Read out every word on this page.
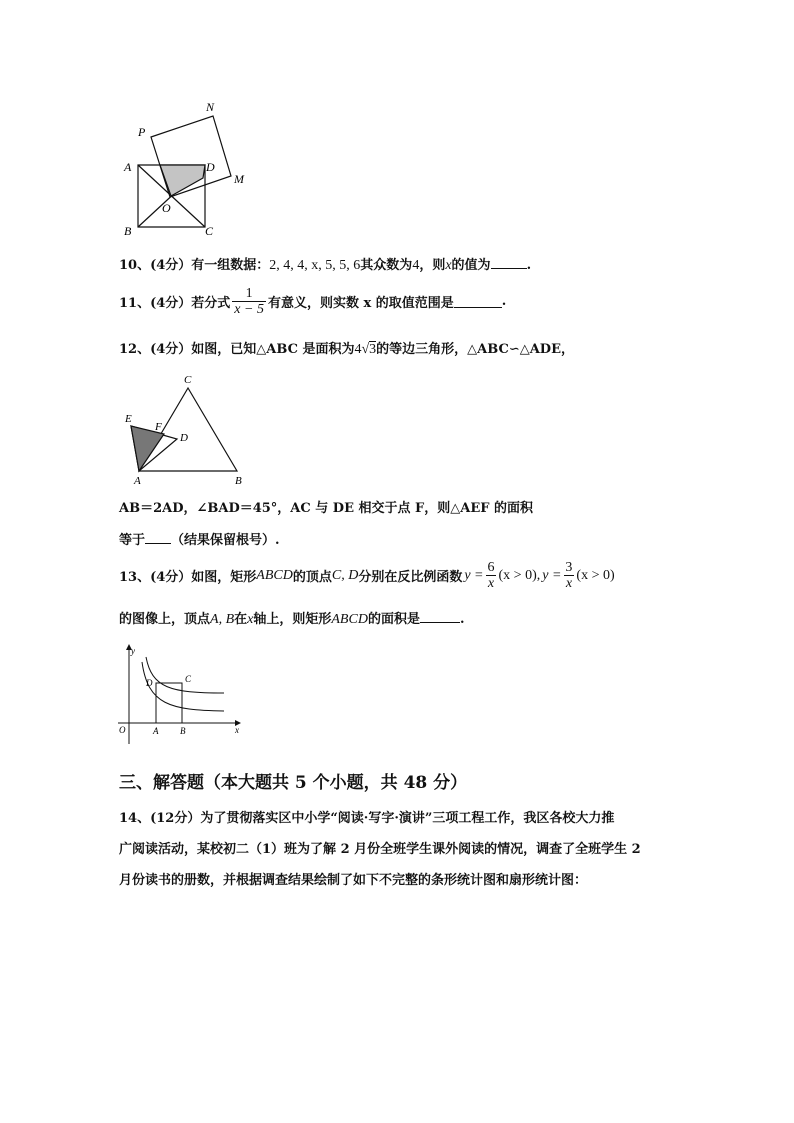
P
N
A	D
M
O
B	C
10、(4分）有一组数据：2, 4, 4, x, 5, 5, 6其众数为4，则x的值为	.
11、(4分）若分式 $\frac{1}{x - 5}$ 有意义，则实数 x 的取值范围是	.
12、(4分）如图，已知△ABC 是面积为4√3的等边三角形，△ABC∽△ADE，
C
E
F
D
A	B
AB＝2AD，∠BAD＝45°，AC 与 DE 相交于点 F，则△AEF 的面积
等于 （结果保留根号）.
13、(4分）如图，矩形 ABCD 的顶点 C, D 分别在反比例函数 $y = \frac{6}{x} (x > 0)$, $y = \frac{3}{x} (x > 0)$
的图像上，顶点A, B在x轴上，则矩形ABCD的面积是	.
y
x
O	A B
C
D
三、解答题（本大题共 5 个小题，共 48 分）
14、(12分）为了贯彻落实区中小学“阅读·写字·演讲”三项工程工作，我区各校大力推
广阅读活动，某校初二（1）班为了解 2 月份全班学生课外阅读的情况，调查了全班学生 2
月份读书的册数，并根据调查结果绘制了如下不完整的条形统计图和扇形统计图：
